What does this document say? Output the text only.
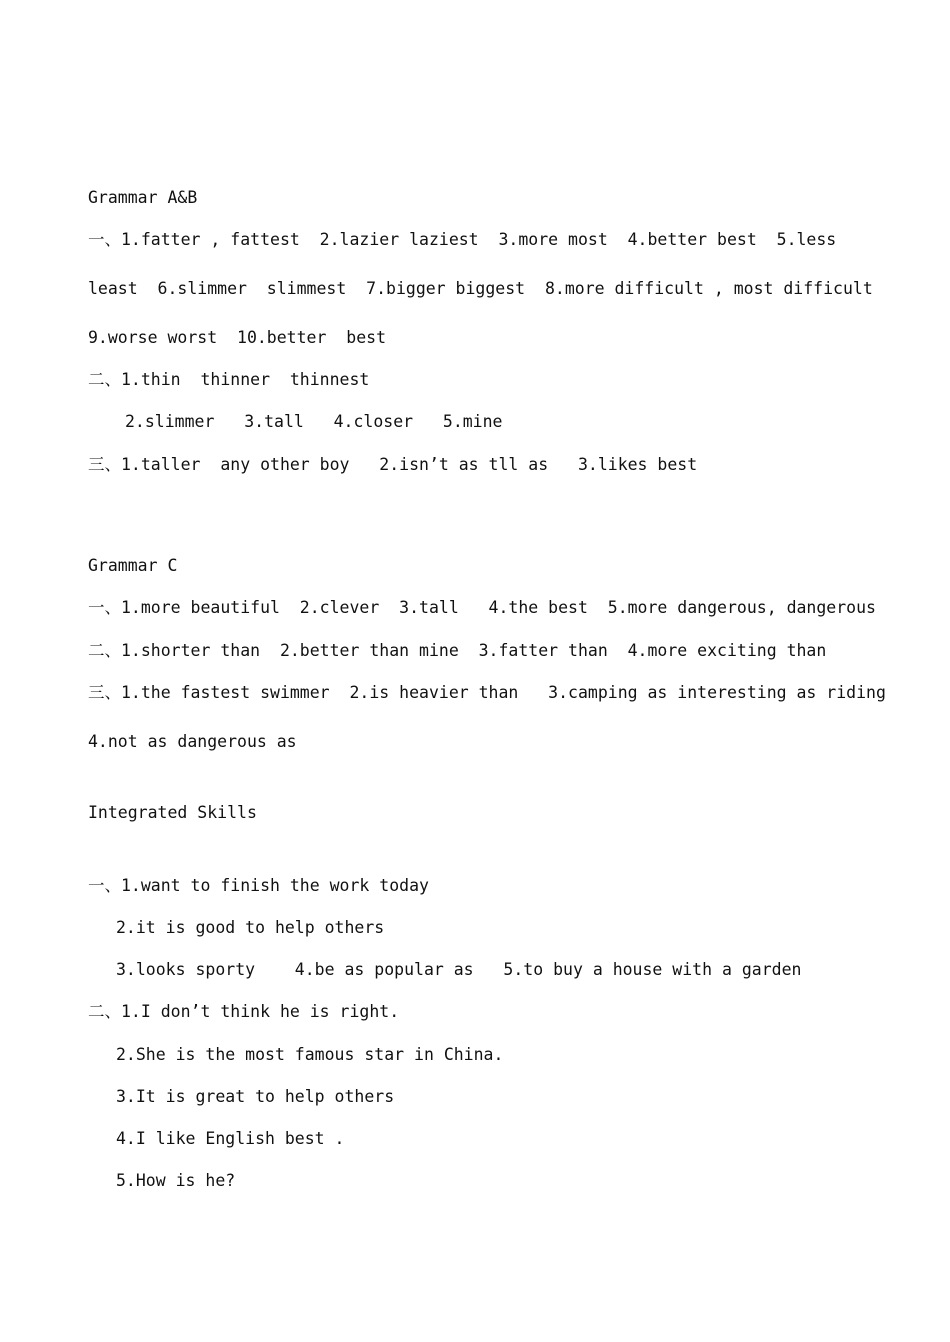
Grammar A&B
一、1.fatter , fattest  2.lazier laziest  3.more most  4.better best  5.less
least  6.slimmer  slimmest  7.bigger biggest  8.more difficult , most difficult
9.worse worst  10.better  best
二、1.thin  thinner  thinnest
2.slimmer   3.tall   4.closer   5.mine
三、1.taller  any other boy   2.isn’t as tll as   3.likes best
Grammar C
一、1.more beautiful  2.clever  3.tall   4.the best  5.more dangerous, dangerous
二、1.shorter than  2.better than mine  3.fatter than  4.more exciting than
三、1.the fastest swimmer  2.is heavier than   3.camping as interesting as riding
4.not as dangerous as
Integrated Skills
一、1.want to finish the work today
2.it is good to help others
3.looks sporty    4.be as popular as   5.to buy a house with a garden
二、1.I don’t think he is right.
2.She is the most famous star in China.
3.It is great to help others
4.I like English best .
5.How is he?
